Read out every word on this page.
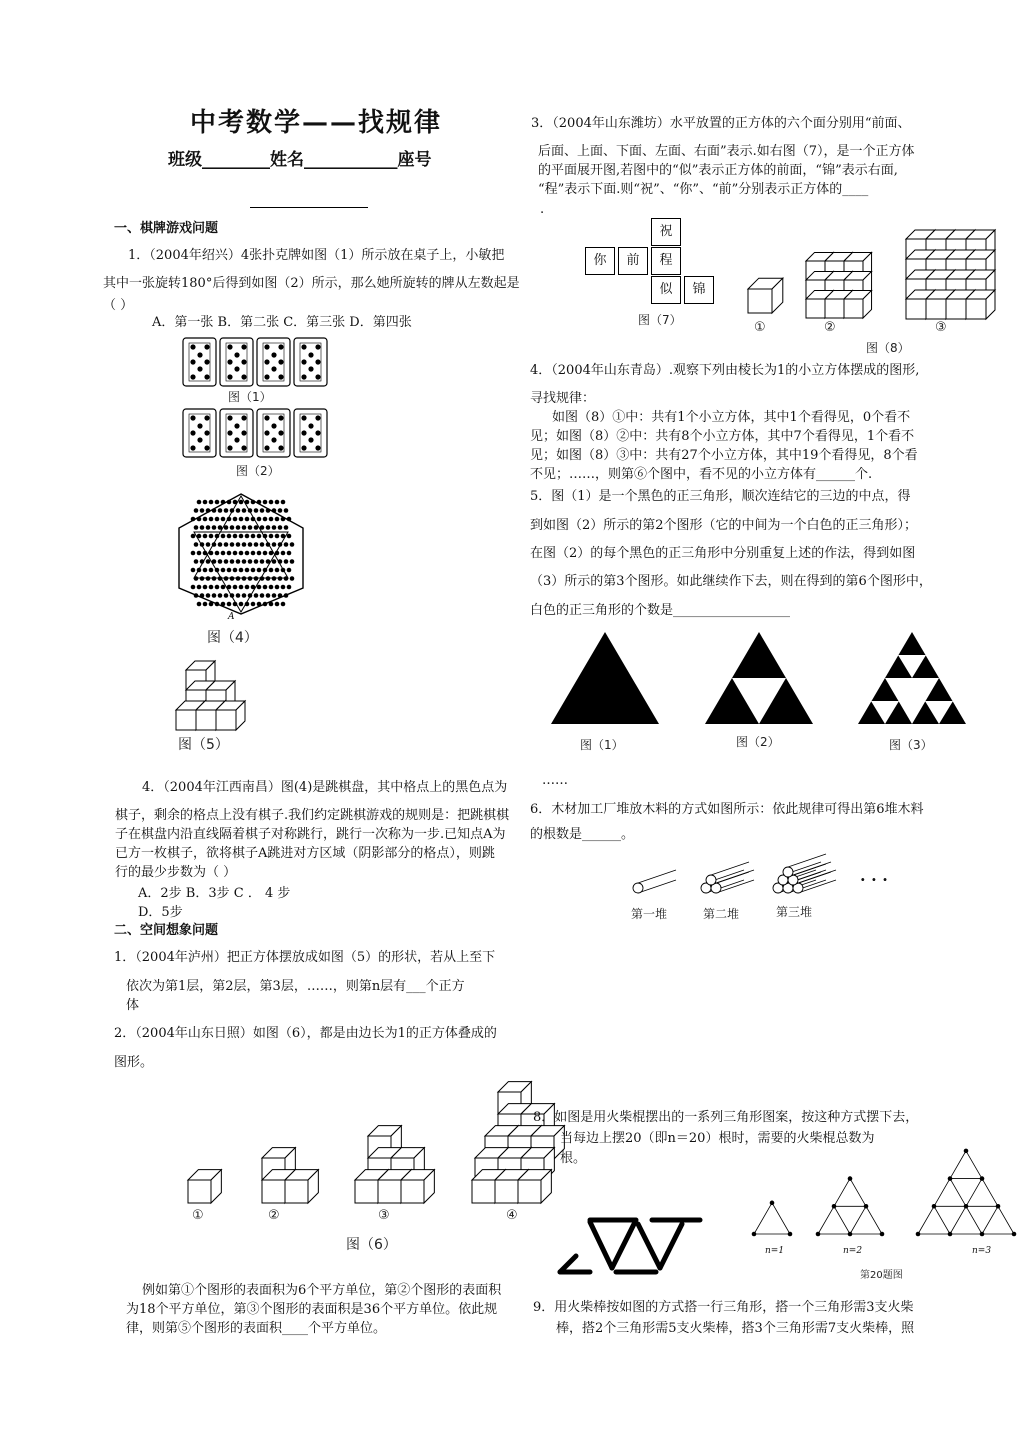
中考数学——找规律
班级________姓名___________座号
一、棋牌游戏问题
1．（2004年绍兴）4张扑克牌如图（1）所示放在桌子上，小敏把
其中一张旋转180°后得到如图（2）所示，那么她所旋转的牌从左数起是
（ ）
A．第一张 B．第二张 C．第三张 D．第四张
图（1）
图（2）
A
图（4）
图（5）
4．（2004年江西南昌）图(4)是跳棋盘，其中格点上的黑色点为
棋子，剩余的格点上没有棋子.我们约定跳棋游戏的规则是：把跳棋棋
子在棋盘内沿直线隔着棋子对称跳行，跳行一次称为一步.已知点A为
已方一枚棋子，欲将棋子A跳进对方区域（阴影部分的格点），则跳
行的最少步数为（ ）
A．2步 B．3步 C ． 4 步
D．5步
二、空间想象问题
1．（2004年泸州）把正方体摆放成如图（5）的形状，若从上至下
依次为第1层，第2层，第3层，……，则第n层有___个正方
体
2．（2004年山东日照）如图（6），都是由边长为1的正方体叠成的
图形。
①	②	③	④
图（6）
例如第①个图形的表面积为6个平方单位，第②个图形的表面积
为18个平方单位，第③个图形的表面积是36个平方单位。依此规
律，则第⑤个图形的表面积____个平方单位。
3．（2004年山东潍坊）水平放置的正方体的六个面分别用“前面、
后面、上面、下面、左面、右面”表示.如右图（7），是一个正方体
的平面展开图,若图中的“似”表示正方体的前面，“锦”表示右面,
“程”表示下面.则“祝”、“你”、“前”分别表示正方体的____
.
祝
你	前	程
似	锦
图（7）	①	②	③
图（8）
4．（2004年山东青岛）.观察下列由棱长为1的小立方体摆成的图形,
寻找规律：
如图（8）①中：共有1个小立方体，其中1个看得见，0个看不
见；如图（8）②中：共有8个小立方体，其中7个看得见，1个看不
见；如图（8）③中：共有27个小立方体，其中19个看得见，8个看
不见；……，则第⑥个图中，看不见的小立方体有______个.
5．图（1）是一个黑色的正三角形，顺次连结它的三边的中点，得
到如图（2）所示的第2个图形（它的中间为一个白色的正三角形）；
在图（2）的每个黑色的正三角形中分别重复上述的作法，得到如图
（3）所示的第3个图形。如此继续作下去，则在得到的第6个图形中，
白色的正三角形的个数是__________________
图（1）	图（2）	图（3）
……
6．木材加工厂堆放木料的方式如图所示：依此规律可得出第6堆木料
的根数是______。
· · ·
第一堆	第二堆	第三堆
8．如图是用火柴棍摆出的一系列三角形图案，按这种方式摆下去，
当每边上摆20（即n＝20）根时，需要的火柴棍总数为
根。
n=1	n=2	n=3
第20题图
9．用火柴棒按如图的方式搭一行三角形，搭一个三角形需3支火柴
棒，搭2个三角形需5支火柴棒，搭3个三角形需7支火柴棒，照
